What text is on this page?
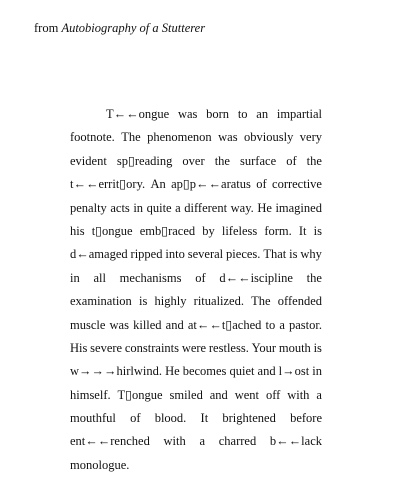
from Autobiography of a Stutterer
T←←ongue was born to an impartial
footnote. The phenomenon was obviously very
evident sp▯reading over the surface of the
t←←errit▯ory. An ap▯p←←aratus of corrective
penalty acts in quite a different way. He imagined
his t▯ongue emb▯raced by lifeless form. It is
d←amaged ripped into several pieces. That is why
in all mechanisms of d←←iscipline the
examination is highly ritualized. The offended
muscle was killed and at←←t▯ached to a pastor.
His severe constraints were restless. Your mouth is
w→→→hirlwind. He becomes quiet and l→ost in
himself. T▯ongue smiled and went off with a
mouthful of blood. It brightened before
ent←←renched with a charred b←←lack
monologue.
